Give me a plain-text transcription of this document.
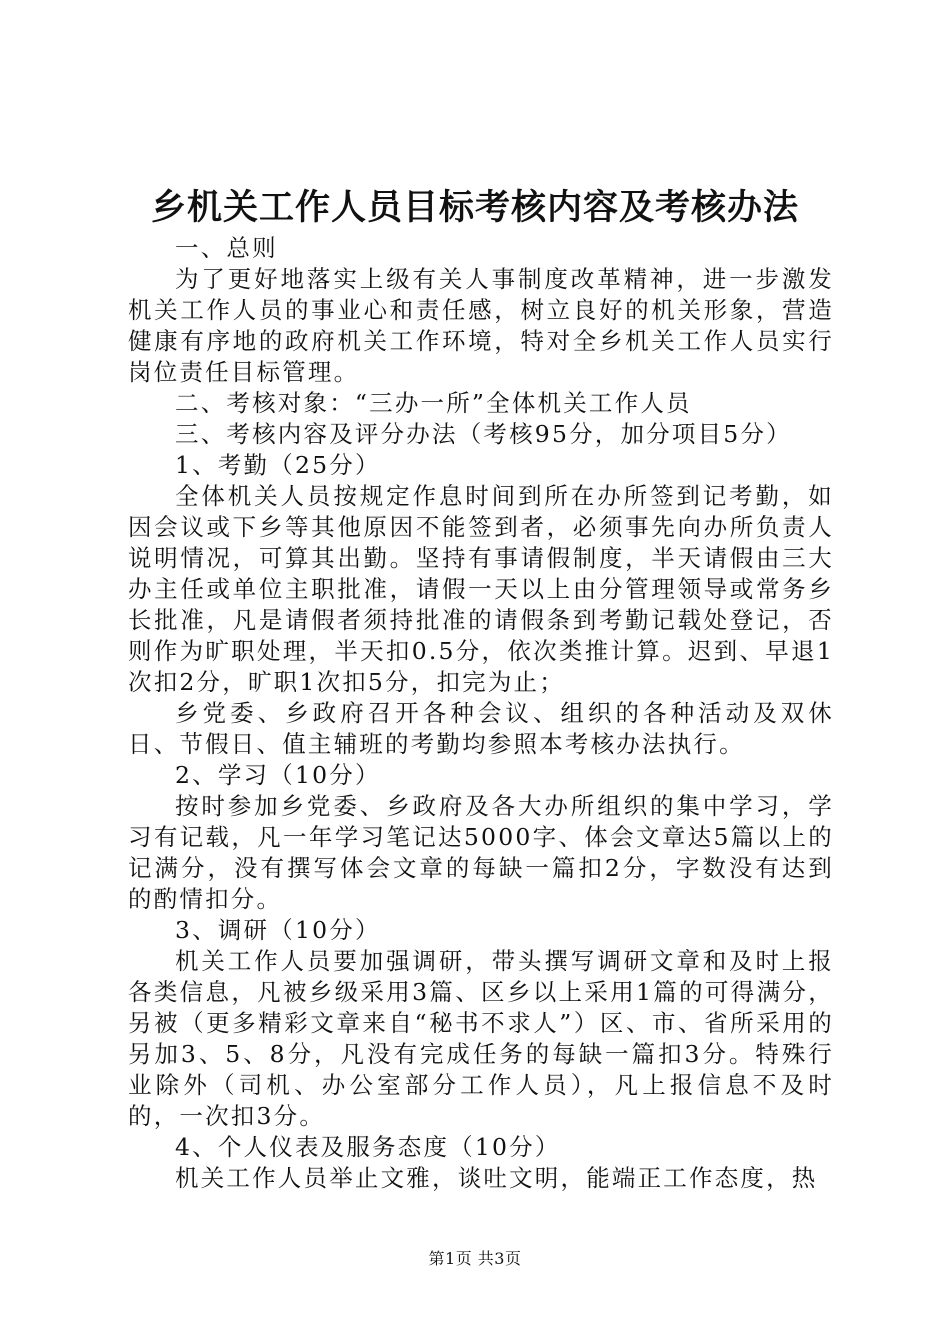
乡机关工作人员目标考核内容及考核办法

一、总则

为了更好地落实上级有关人事制度改革精神，进一步激发机关工作人员的事业心和责任感，树立良好的机关形象，营造健康有序地的政府机关工作环境，特对全乡机关工作人员实行岗位责任目标管理。

二、考核对象：“三办一所”全体机关工作人员

三、考核内容及评分办法（考核95分，加分项目5分）

1、考勤（25分）

全体机关人员按规定作息时间到所在办所签到记考勤，如因会议或下乡等其他原因不能签到者，必须事先向办所负责人说明情况，可算其出勤。坚持有事请假制度，半天请假由三大办主任或单位主职批准，请假一天以上由分管理领导或常务乡长批准，凡是请假者须持批准的请假条到考勤记载处登记，否则作为旷职处理，半天扣0.5分，依次类推计算。迟到、早退1次扣2分，旷职1次扣5分，扣完为止；

乡党委、乡政府召开各种会议、组织的各种活动及双休日、节假日、值主辅班的考勤均参照本考核办法执行。

2、学习（10分）

按时参加乡党委、乡政府及各大办所组织的集中学习，学习有记载，凡一年学习笔记达5000字、体会文章达5篇以上的记满分，没有撰写体会文章的每缺一篇扣2分，字数没有达到的酌情扣分。

3、调研（10分）

机关工作人员要加强调研，带头撰写调研文章和及时上报各类信息，凡被乡级采用3篇、区乡以上采用1篇的可得满分，另被（更多精彩文章来自“秘书不求人”）区、市、省所采用的另加3、5、8分，凡没有完成任务的每缺一篇扣3分。特殊行业除外（司机、办公室部分工作人员），凡上报信息不及时的，一次扣3分。

4、个人仪表及服务态度（10分）

机关工作人员举止文雅，谈吐文明，能端正工作态度，热

第1页 共3页
